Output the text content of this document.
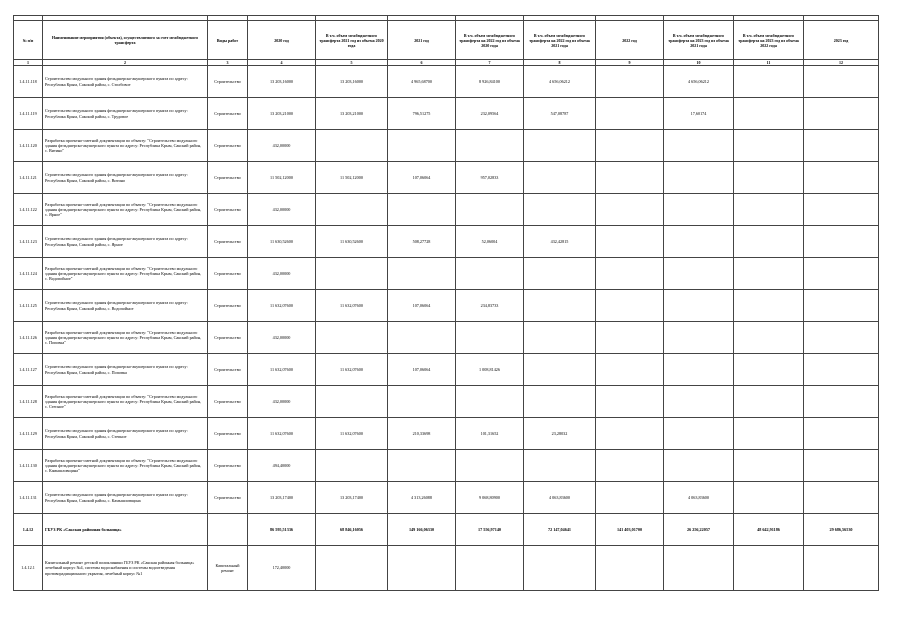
№ п/п	Наименование мероприятия (объекта), осуществляемого за счет межбюджетного трансферта	Виды работ	2020 год	В т.ч. объем межбюджетного трансферта 2021 год из объема 2020 года	2021 год	В т.ч. объем межбюджетного трансферта на 2022 год из объема 2020 года	В т.ч. объем межбюджетного трансферта на 2022 год из объема 2021 года	2022 год	В т.ч. объем межбюджетного трансферта на 2023 год из объема 2021 года	В т.ч. объем межбюджетного трансферта на 2023 год из объема 2022 года	2023 год
1	2	3	4	5	6	7	8	9	10	11	12
1.4.11.118	Строительство модульного здания фельдшерско-акушерского пункта по адресу: Республика Крым, Сакский район, с. Столбовое	Строительство	13 203,16000	13 203,16000	4 965,68700	8 926,84100	4 656,06212		4 656,06212		
1.4.11.119	Строительство модульного здания фельдшерско-акушерского пункта по адресу: Республика Крым, Сакский район, с. Трудовое	Строительство	13 203,21000	13 203,21000	796,51275	232,09564	547,08787		17,60174		
1.4.11.120	Разработка проектно-сметной документации по объекту: "Строительство модульного здания фельдшерско-акушерского пункта по адресу: Республика Крым, Сакский район, с. Витино"	Строительство	432,00000								
1.4.11.121	Строительство модульного здания фельдшерско-акушерского пункта по адресу: Республика Крым, Сакский район, с. Витино	Строительство	11 502,12000	11 502,12000	107,06064	957,02833					
1.4.11.122	Разработка проектно-сметной документации по объекту: "Строительство модульного здания фельдшерско-акушерского пункта по адресу: Республика Крым, Сакский район, с. Ярное"	Строительство	432,00000								
1.4.11.123	Строительство модульного здания фельдшерско-акушерского пункта по адресу: Республика Крым, Сакский район, с. Ярное	Строительство	11 630,52600	11 630,52600	508,27728	52,06004	432,42815				
1.4.11.124	Разработка проектно-сметной документации по объекту: "Строительство модульного здания фельдшерско-акушерского пункта по адресу: Республика Крым, Сакский район, с. Водопойное"	Строительство	432,00000								
1.4.11.125	Строительство модульного здания фельдшерско-акушерского пункта по адресу: Республика Крым, Сакский район, с. Водопойное	Строительство	11 632,07600	11 632,07600	107,06064	234,83733					
1.4.11.126	Разработка проектно-сметной документации по объекту: "Строительство модульного здания фельдшерско-акушерского пункта по адресу: Республика Крым, Сакский район, с. Поповка"	Строительство	432,00000								
1.4.11.127	Строительство модульного здания фельдшерско-акушерского пункта по адресу: Республика Крым, Сакский район, с. Поповка	Строительство	11 632,07600	11 632,07600	107,06064	1 008,81426					
1.4.11.128	Разработка проектно-сметной документации по объекту: "Строительство модульного здания фельдшерско-акушерского пункта по адресу: Республика Крым, Сакский район, с. Степное"	Строительство	432,00000								
1.4.11.129	Строительство модульного здания фельдшерско-акушерского пункта по адресу: Республика Крым, Сакский район, с. Степное	Строительство	11 632,07600	11 632,07600	210,33698	101,31652	23,28032				
1.4.11.130	Разработка проектно-сметной документации по объекту: "Строительство модульного здания фельдшерско-акушерского пункта по адресу: Республика Крым, Сакский район, с. Камышловщина"	Строительство	494,40000								
1.4.11.131	Строительство модульного здания фельдшерско-акушерского пункта по адресу: Республика Крым, Сакский район, с. Камышловщина	Строительство	13 203,17400	13 203,17400	4 313,26088	9 068,80900	4 063,83600		4 063,83600		
1.4.12	ГБУЗ РК «Сакская районная больница»		86 595,51336	68 846,16056	149 166,06330	17 556,97140	72 147,04641	141 403,01700	26 256,22057	48 642,91186	29 686,56530
1.4.12.1	Капитальный ремонт детской поликлиники ГБУЗ РК «Сакская районная больница» лечебный корпус №4, системы водоснабжения и системы водоотведения противорадиационного укрытия, лечебный корпус №1	Капитальный ремонт	172,40000								
